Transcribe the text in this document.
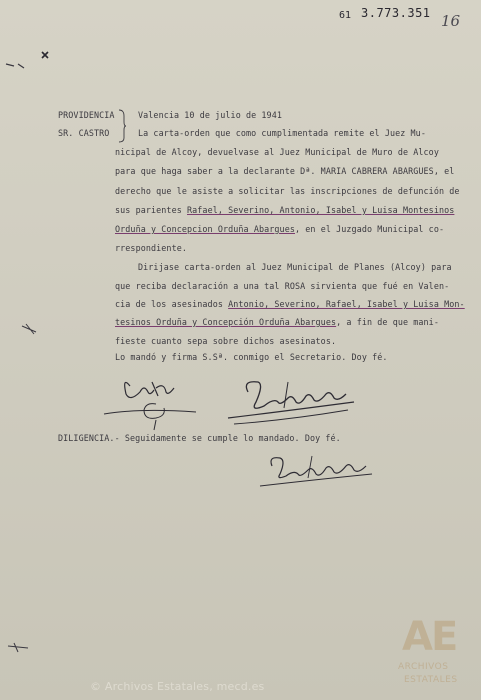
61 3.773.351 16
PROVIDENCIA
SR. CASTRO
Valencia 10 de julio de 1941
La carta-orden que como cumplimentada remite el Juez Mu-
nicipal de Alcoy, devuelvase al Juez Municipal de Muro de Alcoy
para que haga saber a la declarante Dª. MARIA CABRERA ABARGUES, el
derecho que le asiste a solicitar las inscripciones de defunción de
sus parientes Rafael, Severino, Antonio, Isabel y Luisa Montesinos
Orduña y Concepcion Orduña Abargues, en el Juzgado Municipal co-
rrespondiente.
Dirijase carta-orden al Juez Municipal de Planes (Alcoy) para
que reciba declaración a una tal ROSA sirvienta que fué en Valen-
cia de los asesinados Antonio, Severino, Rafael, Isabel y Luisa Mon-
tesinos Orduña y Concepción Orduña Abargues, a fin de que mani-
fieste cuanto sepa sobre dichos asesinatos.
Lo mandó y firma S.Sª. conmigo el Secretario. Doy fé.
DILIGENCIA.- Seguidamente se cumple lo mandado. Doy fé.
© Archivos Estatales, mecd.es
AE
ARCHIVOS
ESTATALES
